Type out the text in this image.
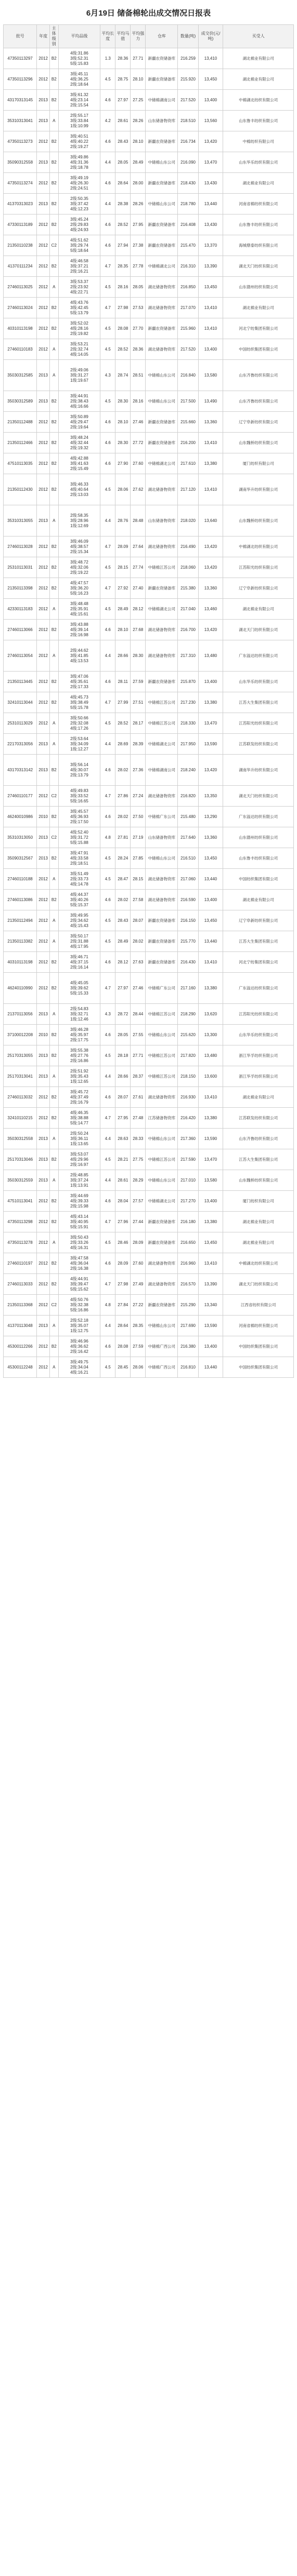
6月19日 储备棉轮出成交情况日报表
批号	年度	主体级别	平均品级	平均长度	平均马值	平均强力	仓库	数量(吨)	成交价(元/吨)	买受人
47350113297	2012	B2	4级:31.86
3级:52.31
5级:15.83	1.3	28.36	27.71	新疆农资储备库	216.259	13,410	湖北棉业有限公司
47350113296	2012	B2	3级:45.11
4级:36.25
2级:18.64	4.5	28.75	28.10	新疆农资储备库	215.920	13,450	湖北棉业有限公司
43170313145	2013	B2	3级:61.32
4级:23.14
2级:15.54	4.6	27.97	27.25	中储棉湖南公司	217.520	13,400	中棉湖北纺织有限公司
35310313041	2013	A	2级:55.17
3级:33.84
1级:10.99	4.2	28.61	28.26	山东储备物资库	218.510	13,560	山东鲁丰纺织有限公司
47350113273	2012	B2	3级:40.51
4级:40.22
2级:19.27	4.6	28.43	28.10	新疆农资储备库	216.734	13,420	中棉纺织有限公司
35090312558	2013	B2	3级:49.86
4级:31.36
2级:18.78	4.4	28.05	28.49	中储棉山东公司	216.090	13,470	山东华乐纺织有限公司
47350113274	2012	B2	3级:49.19
4级:26.30
2级:24.51	4.6	28.64	28.00	新疆农资储备库	218.430	13,430	湖北棉业有限公司
41370313023	2013	B2	2级:50.35
3级:37.42
4级:12.23	4.4	28.38	28.26	中储棉山东公司	218.780	13,440	河南省棉纺织有限公司
47330113189	2012	B2	3级:45.24
2级:29.83
4级:24.93	4.6	28.52	27.95	新疆农资储备库	216.408	13,430	山东鲁丰纺织有限公司
21350110238	2012	C2	4级:51.62
3级:29.74
5级:18.64	4.6	27.94	27.38	新疆农资储备库	215.470	13,370	海城鼎泰纺织有限公司
41370111234	2012	B2	4级:46.58
3级:37.21
2级:16.21	4.7	28.35	27.78	中储棉湖北公司	216.310	13,390	湖北天门纺织有限公司
27460113025	2012	A	3级:53.37
2级:23.92
4级:22.71	4.5	28.16	28.05	湖北储备物资库	216.850	13,450	山东德州纺织有限公司
27460113024	2012	B2	4级:43.76
3级:42.45
5级:13.79	4.7	27.98	27.53	湖北储备物资库	217.070	13,410	湖北棉业有限公司
40310113198	2012	B2	3级:52.02
4级:28.16
2级:19.82	4.5	28.08	27.70	新疆农资储备库	215.960	13,410	河北宁纺集团有限公司
27460110183	2012	A	3级:53.21
2级:32.74
4级:14.05	4.5	28.52	28.36	湖北储备物资库	217.520	13,400	中国纺织集团有限公司
35030312585	2013	A	2级:49.06
3级:31.27
1级:19.67	4.3	28.74	28.51	中储棉山东公司	216.840	13,580	山东齐鲁纺织有限公司
35030312589	2013	B2	3级:44.91
2级:38.43
4级:16.66	4.5	28.30	28.16	中储棉山东公司	217.500	13,490	山东齐鲁纺织有限公司
21350112488	2012	B2	3级:50.89
4级:29.47
2级:19.64	4.6	28.10	27.46	新疆农资储备库	215.660	13,360	辽宁阜新纺织有限公司
21350112466	2012	B2	3级:48.24
4级:32.44
2级:19.32	4.6	28.30	27.72	新疆农资储备库	216.200	13,410	山东魏桥纺织有限公司
47510113035	2012	B2	4级:42.88
3级:41.63
2级:15.49	4.6	27.90	27.60	中储棉湖北公司	217.610	13,380	厦门纺织有限公司
21350112430	2012	B2	3级:46.33
4级:40.64
2级:13.03	4.5	28.06	27.62	湖北储备物资库	217.120	13,410	湖南华升纺织有限公司
35310313055	2013	A	2级:58.35
3级:28.96
1级:12.69	4.4	28.76	28.48	山东储备物资库	218.020	13,640	山东魏桥纺织有限公司
27460113028	2012	B2	3级:46.09
4级:38.57
2级:15.34	4.7	28.09	27.64	湖北储备物资库	216.490	13,420	中棉湖北纺织有限公司
25310113031	2012	B2	3级:48.72
4级:32.06
2级:19.22	4.5	28.15	27.74	中储棉江苏公司	218.060	13,420	江苏阳光纺织有限公司
21350113398	2012	B2	4级:47.57
3级:36.20
5级:16.23	4.7	27.92	27.40	新疆农资储备库	215.380	13,360	辽宁阜新纺织有限公司
42330113183	2012	A	3级:48.48
2级:35.91
4级:15.61	4.5	28.49	28.12	中储棉湖北公司	217.040	13,460	湖北棉业有限公司
27460113066	2012	B2	3级:43.88
4级:39.14
2级:16.98	4.6	28.10	27.68	湖北储备物资库	216.700	13,420	湖北天门纺织有限公司
27460113054	2012	A	2级:44.62
3级:41.85
4级:13.53	4.4	28.66	28.30	湖北储备物资库	217.310	13,480	广东溢达纺织有限公司
21350113445	2012	B2	3级:47.06
4级:35.61
2级:17.33	4.6	28.11	27.59	新疆农资储备库	215.870	13,400	山东华乐纺织有限公司
32410113044	2012	B2	4级:45.73
3级:38.49
5级:15.78	4.7	27.99	27.51	中储棉江苏公司	217.230	13,380	江苏大生集团有限公司
25310113029	2012	A	3级:50.66
2级:32.08
4级:17.26	4.5	28.52	28.17	中储棉江苏公司	218.330	13,470	江苏阳光纺织有限公司
22170313056	2013	A	2级:53.64
3级:34.09
1级:12.27	4.4	28.69	28.39	中储棉湖北公司	217.950	13,590	江苏联发纺织有限公司
43170313142	2013	B2	3级:56.14
4级:30.07
2级:13.79	4.6	28.02	27.36	中储棉湖南公司	218.240	13,420	湖南华升纺织有限公司
27460110177	2012	C2	4级:49.83
3级:33.52
5级:16.65	4.7	27.86	27.24	湖北储备物资库	216.820	13,350	湖北天门纺织有限公司
46240010986	2010	B2	3级:45.57
4级:36.93
2级:17.50	4.6	28.02	27.50	中储棉广东公司	215.480	13,290	广东溢达纺织有限公司
35310313050	2013	C2	4级:52.40
3级:31.72
5级:15.88	4.8	27.81	27.19	山东储备物资库	217.640	13,360	山东德州纺织有限公司
35090312567	2013	B2	3级:47.91
4级:33.58
2级:18.51	4.5	28.24	27.85	中储棉山东公司	216.510	13,450	山东鲁丰纺织有限公司
27460110188	2012	A	3级:51.49
2级:33.73
4级:14.78	4.5	28.47	28.15	湖北储备物资库	217.060	13,440	中国纺织集团有限公司
27460113086	2012	B2	4级:44.37
3级:40.26
5级:15.37	4.6	28.02	27.58	湖北储备物资库	216.590	13,400	湖北棉业有限公司
21350112494	2012	A	3级:49.95
2级:34.62
4级:15.43	4.5	28.43	28.07	新疆农资储备库	216.150	13,450	辽宁阜新纺织有限公司
21350113382	2012	A	3级:50.17
2级:31.88
4级:17.95	4.5	28.49	28.02	新疆农资储备库	215.770	13,440	江苏大生集团有限公司
40310113198	2012	B2	3级:46.71
4级:37.15
2级:16.14	4.6	28.12	27.63	新疆农资储备库	216.430	13,410	河北宁纺集团有限公司
46240110990	2012	B2	4级:45.05
3级:39.62
5级:15.33	4.7	27.97	27.46	中储棉广东公司	217.160	13,380	广东溢达纺织有限公司
21370113056	2013	A	2级:54.83
3级:32.71
1级:12.46	4.3	28.72	28.44	中储棉江苏公司	218.290	13,620	江苏阳光纺织有限公司
37100012208	2010	B2	3级:46.28
4级:35.97
2级:17.75	4.6	28.05	27.55	中储棉山东公司	215.620	13,300	山东华乐纺织有限公司
25170313055	2013	B2	3级:55.38
4级:27.76
2级:16.86	4.5	28.18	27.71	中储棉江苏公司	217.820	13,480	浙江华孚纺织有限公司
25170313041	2013	A	2级:51.92
3级:35.43
1级:12.65	4.4	28.66	28.37	中储棉江苏公司	218.150	13,600	浙江华孚纺织有限公司
27460113032	2012	B2	3级:45.72
4级:37.49
2级:16.79	4.6	28.07	27.61	湖北储备物资库	216.930	13,410	湖北棉业有限公司
32410110215	2012	B2	4级:46.35
3级:38.88
5级:14.77	4.7	27.95	27.48	江苏储备物资库	216.420	13,380	江苏联发纺织有限公司
35030312558	2013	A	2级:50.24
3级:36.11
1级:13.65	4.4	28.63	28.33	中储棉山东公司	217.360	13,590	山东齐鲁纺织有限公司
25170313046	2013	B2	3级:53.07
4级:29.96
2级:16.97	4.5	28.21	27.75	中储棉江苏公司	217.590	13,470	江苏大生集团有限公司
35030312559	2013	A	2级:48.85
3级:37.24
1级:13.91	4.4	28.61	28.29	中储棉山东公司	217.010	13,580	山东魏桥纺织有限公司
47510113041	2012	B2	3级:44.69
4级:39.33
2级:15.98	4.6	28.04	27.57	中储棉湖北公司	217.270	13,400	厦门纺织有限公司
47350113298	2012	B2	4级:43.14
3级:40.95
5级:15.91	4.7	27.96	27.44	新疆农资储备库	216.180	13,380	湖北棉业有限公司
47350113278	2012	A	3级:50.43
2级:33.26
4级:16.31	4.5	28.46	28.09	新疆农资储备库	216.650	13,450	湖北棉业有限公司
27460110197	2012	B2	3级:47.58
4级:36.04
2级:16.38	4.6	28.09	27.60	湖北储备物资库	216.960	13,410	中棉湖北纺织有限公司
27460113033	2012	B2	4级:44.91
3级:39.47
5级:15.62	4.7	27.98	27.49	湖北储备物资库	216.570	13,390	湖北天门纺织有限公司
21350113368	2012	C2	4级:50.76
3级:32.38
5级:16.86	4.8	27.84	27.22	新疆农资储备库	215.290	13,340	江西省纺织有限公司
41370113048	2013	A	2级:52.18
3级:35.07
1级:12.75	4.4	28.64	28.35	中储棉山东公司	217.690	13,590	河南省棉纺织有限公司
45300112266	2012	B2	3级:46.96
4级:36.62
2级:16.42	4.6	28.08	27.59	中储棉广西公司	216.380	13,400	中国纺织集团有限公司
45300112248	2012	A	3级:49.75
2级:34.04
4级:16.21	4.5	28.45	28.06	中储棉广西公司	216.810	13,440	中国纺织集团有限公司
